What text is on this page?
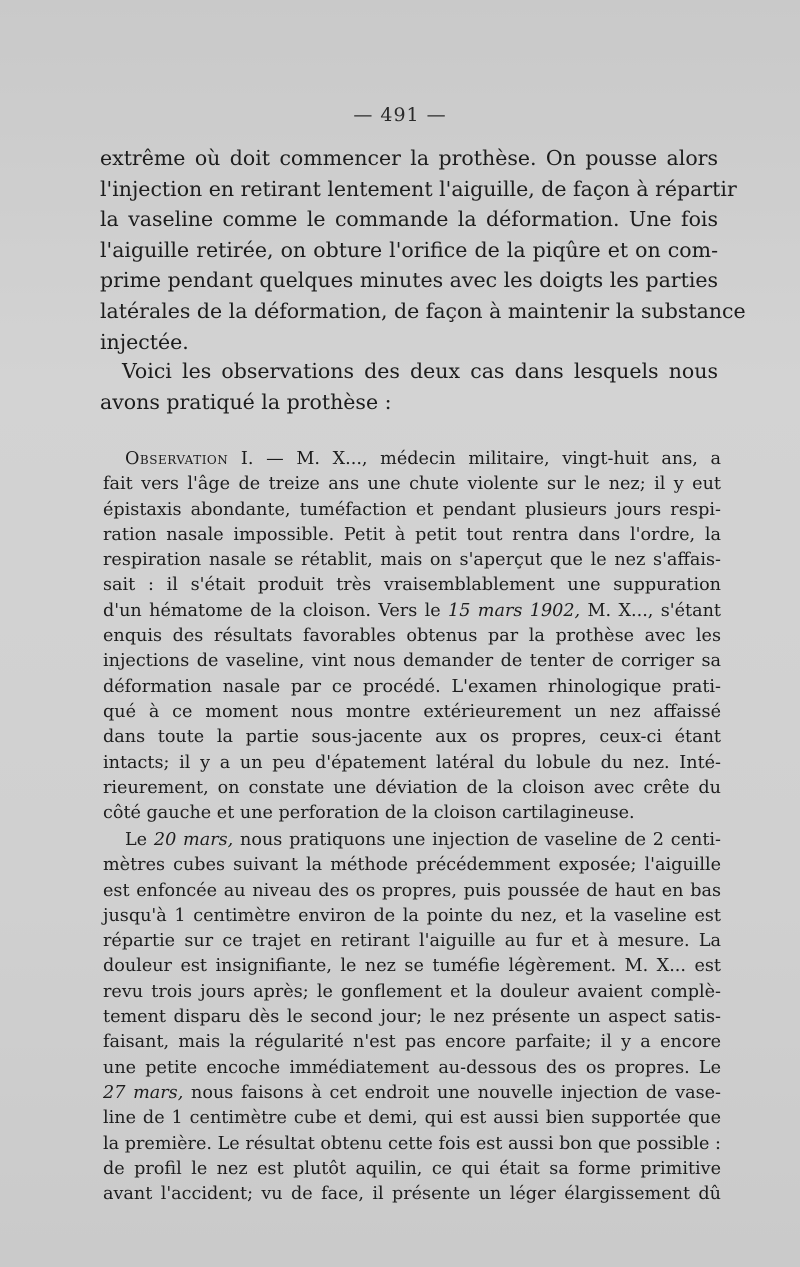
— 491 —
extrême où doit commencer la prothèse. On pousse alors
l'injection en retirant lentement l'aiguille, de façon à répartir
la vaseline comme le commande la déformation. Une fois
l'aiguille retirée, on obture l'orifice de la piqûre et on com-
prime pendant quelques minutes avec les doigts les parties
latérales de la déformation, de façon à maintenir la substance
injectée.
Voici les observations des deux cas dans lesquels nous
avons pratiqué la prothèse :
Observation I. — M. X..., médecin militaire, vingt-huit ans, a
fait vers l'âge de treize ans une chute violente sur le nez; il y eut
épistaxis abondante, tuméfaction et pendant plusieurs jours respi-
ration nasale impossible. Petit à petit tout rentra dans l'ordre, la
respiration nasale se rétablit, mais on s'aperçut que le nez s'affais-
sait : il s'était produit très vraisemblablement une suppuration
d'un hématome de la cloison. Vers le 15 mars 1902, M. X..., s'étant
enquis des résultats favorables obtenus par la prothèse avec les
injections de vaseline, vint nous demander de tenter de corriger sa
déformation nasale par ce procédé. L'examen rhinologique prati-
qué à ce moment nous montre extérieurement un nez affaissé
dans toute la partie sous-jacente aux os propres, ceux-ci étant
intacts; il y a un peu d'épatement latéral du lobule du nez. Inté-
rieurement, on constate une déviation de la cloison avec crête du
côté gauche et une perforation de la cloison cartilagineuse.
Le 20 mars, nous pratiquons une injection de vaseline de 2 centi-
mètres cubes suivant la méthode précédemment exposée; l'aiguille
est enfoncée au niveau des os propres, puis poussée de haut en bas
jusqu'à 1 centimètre environ de la pointe du nez, et la vaseline est
répartie sur ce trajet en retirant l'aiguille au fur et à mesure. La
douleur est insignifiante, le nez se tuméfie légèrement. M. X... est
revu trois jours après; le gonflement et la douleur avaient complè-
tement disparu dès le second jour; le nez présente un aspect satis-
faisant, mais la régularité n'est pas encore parfaite; il y a encore
une petite encoche immédiatement au-dessous des os propres. Le
27 mars, nous faisons à cet endroit une nouvelle injection de vase-
line de 1 centimètre cube et demi, qui est aussi bien supportée que
la première. Le résultat obtenu cette fois est aussi bon que possible :
de profil le nez est plutôt aquilin, ce qui était sa forme primitive
avant l'accident; vu de face, il présente un léger élargissement dû
